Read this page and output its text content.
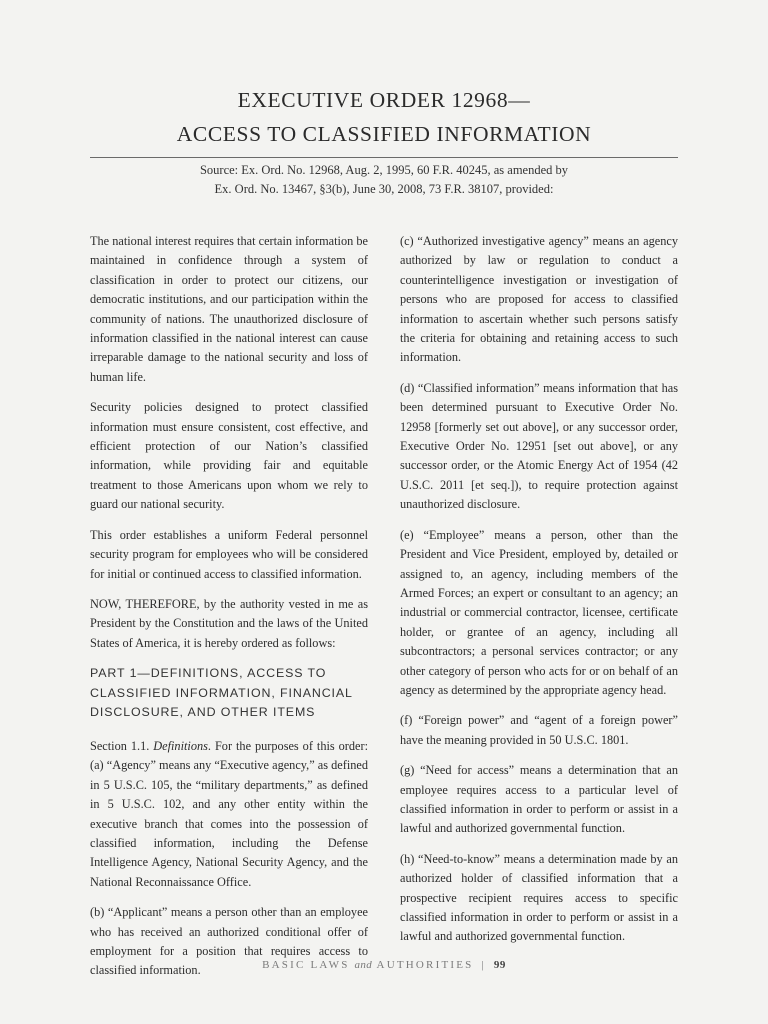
EXECUTIVE ORDER 12968—
ACCESS TO CLASSIFIED INFORMATION
Source: Ex. Ord. No. 12968, Aug. 2, 1995, 60 F.R. 40245, as amended by
Ex. Ord. No. 13467, §3(b), June 30, 2008, 73 F.R. 38107, provided:

The national interest requires that certain information be maintained in confidence through a system of classification in order to protect our citizens, our democratic institutions, and our participation within the community of nations. The unauthorized disclosure of information classified in the national interest can cause irreparable damage to the national security and loss of human life.

Security policies designed to protect classified information must ensure consistent, cost effective, and efficient protection of our Nation’s classified information, while providing fair and equitable treatment to those Americans upon whom we rely to guard our national security.

This order establishes a uniform Federal personnel security program for employees who will be considered for initial or continued access to classified information.

NOW, THEREFORE, by the authority vested in me as President by the Constitution and the laws of the United States of America, it is hereby ordered as follows:

PART 1—DEFINITIONS, ACCESS TO CLASSIFIED INFORMATION, FINANCIAL DISCLOSURE, AND OTHER ITEMS

Section 1.1. Definitions. For the purposes of this order: (a) “Agency” means any “Executive agency,” as defined in 5 U.S.C. 105, the “military departments,” as defined in 5 U.S.C. 102, and any other entity within the executive branch that comes into the possession of classified information, including the Defense Intelligence Agency, National Security Agency, and the National Reconnaissance Office.

(b) “Applicant” means a person other than an employee who has received an authorized conditional offer of employment for a position that requires access to classified information.

(c) “Authorized investigative agency” means an agency authorized by law or regulation to conduct a counterintelligence investigation or investigation of persons who are proposed for access to classified information to ascertain whether such persons satisfy the criteria for obtaining and retaining access to such information.

(d) “Classified information” means information that has been determined pursuant to Executive Order No. 12958 [formerly set out above], or any successor order, Executive Order No. 12951 [set out above], or any successor order, or the Atomic Energy Act of 1954 (42 U.S.C. 2011 [et seq.]), to require protection against unauthorized disclosure.

(e) “Employee” means a person, other than the President and Vice President, employed by, detailed or assigned to, an agency, including members of the Armed Forces; an expert or consultant to an agency; an industrial or commercial contractor, licensee, certificate holder, or grantee of an agency, including all subcontractors; a personal services contractor; or any other category of person who acts for or on behalf of an agency as determined by the appropriate agency head.

(f) “Foreign power” and “agent of a foreign power” have the meaning provided in 50 U.S.C. 1801.

(g) “Need for access” means a determination that an employee requires access to a particular level of classified information in order to perform or assist in a lawful and authorized governmental function.

(h) “Need-to-know” means a determination made by an authorized holder of classified information that a prospective recipient requires access to specific classified information in order to perform or assist in a lawful and authorized governmental function.

BASIC LAWS and AUTHORITIES | 99
